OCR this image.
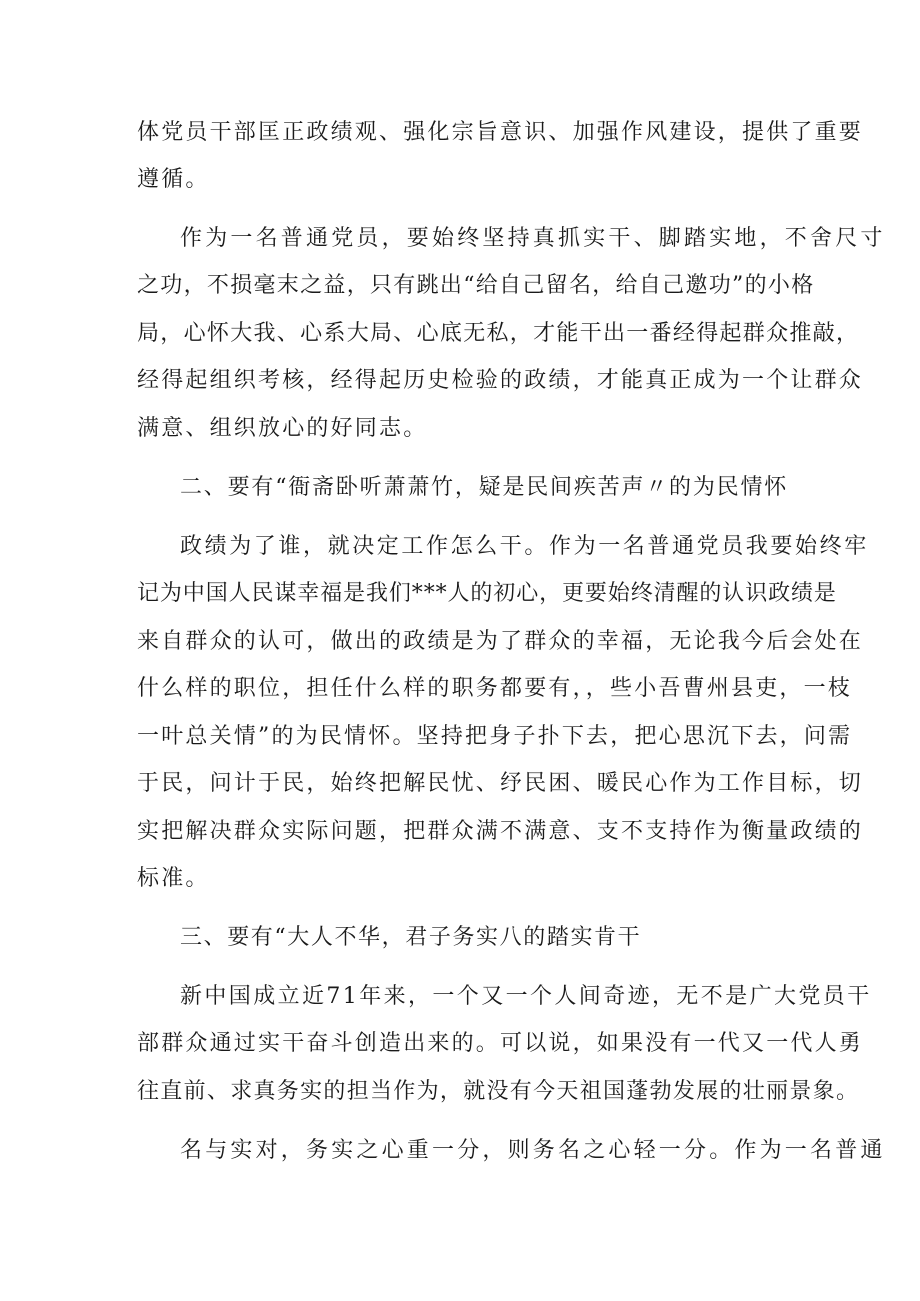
体党员干部匡正政绩观、强化宗旨意识、加强作风建设，提供了重要
遵循。
作为一名普通党员，要始终坚持真抓实干、脚踏实地，不舍尺寸
之功，不损毫末之益，只有跳出“给自己留名，给自己邀功”的小格
局，心怀大我、心系大局、心底无私，才能干出一番经得起群众推敲，
经得起组织考核，经得起历史检验的政绩，才能真正成为一个让群众
满意、组织放心的好同志。
二、要有“衙斋卧听萧萧竹，疑是民间疾苦声〃的为民情怀
政绩为了谁，就决定工作怎么干。作为一名普通党员我要始终牢
记为中国人民谋幸福是我们***人的初心，更要始终清醒的认识政绩是
来自群众的认可，做出的政绩是为了群众的幸福，无论我今后会处在
什么样的职位，担任什么样的职务都要有，，些小吾曹州县吏，一枝
一叶总关情”的为民情怀。坚持把身子扑下去，把心思沉下去，问需
于民，问计于民，始终把解民忧、纾民困、暖民心作为工作目标，切
实把解决群众实际问题，把群众满不满意、支不支持作为衡量政绩的
标准。
三、要有“大人不华，君子务实八的踏实肯干
新中国成立近71年来，一个又一个人间奇迹，无不是广大党员干
部群众通过实干奋斗创造出来的。可以说，如果没有一代又一代人勇
往直前、求真务实的担当作为，就没有今天祖国蓬勃发展的壮丽景象。
名与实对，务实之心重一分，则务名之心轻一分。作为一名普通
